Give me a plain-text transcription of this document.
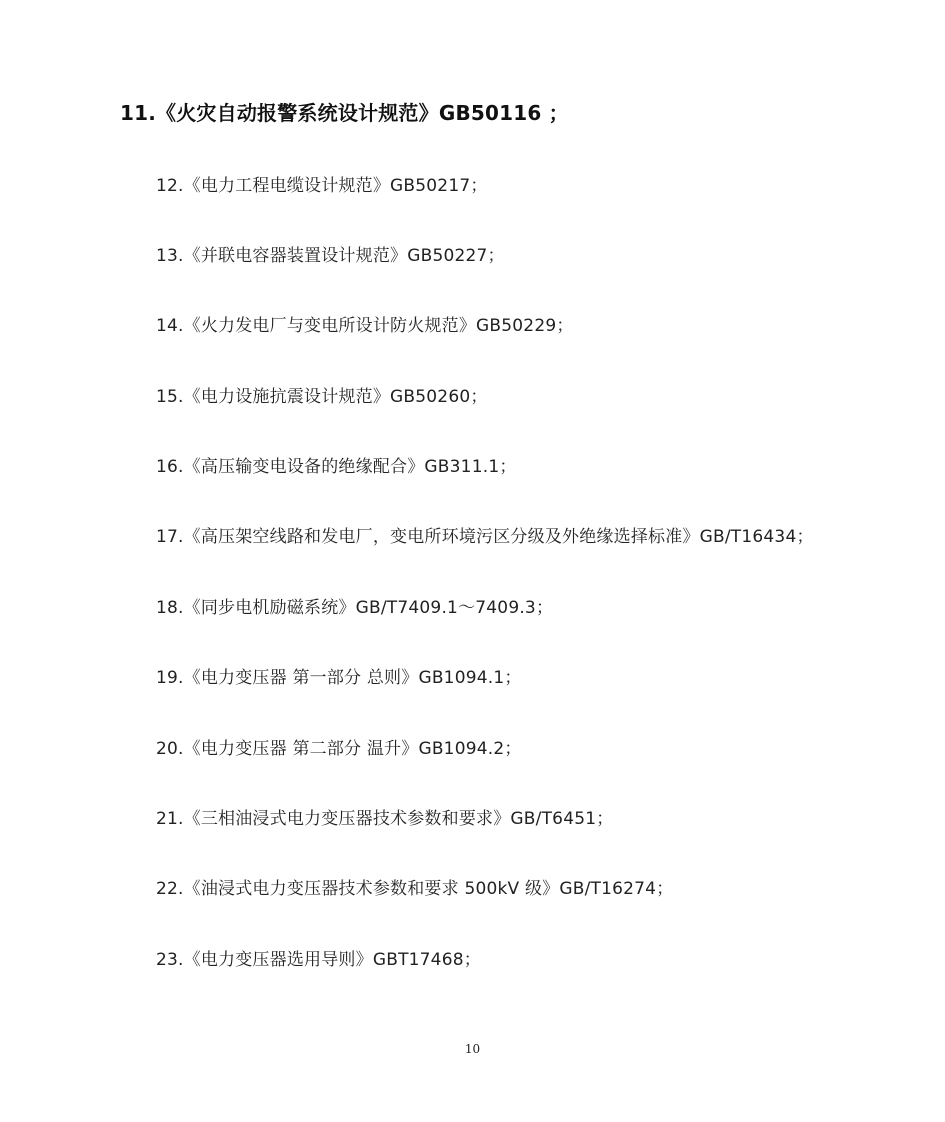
11.《火灾自动报警系统设计规范》GB50116 ；
12.《电力工程电缆设计规范》GB50217；
13.《并联电容器装置设计规范》GB50227；
14.《火力发电厂与变电所设计防火规范》GB50229；
15.《电力设施抗震设计规范》GB50260；
16.《高压输变电设备的绝缘配合》GB311.1；
17.《高压架空线路和发电厂，变电所环境污区分级及外绝缘选择标准》GB/T16434；
18.《同步电机励磁系统》GB/T7409.1～7409.3；
19.《电力变压器 第一部分 总则》GB1094.1；
20.《电力变压器 第二部分 温升》GB1094.2；
21.《三相油浸式电力变压器技术参数和要求》GB/T6451；
22.《油浸式电力变压器技术参数和要求 500kV 级》GB/T16274；
23.《电力变压器选用导则》GBT17468；
10
